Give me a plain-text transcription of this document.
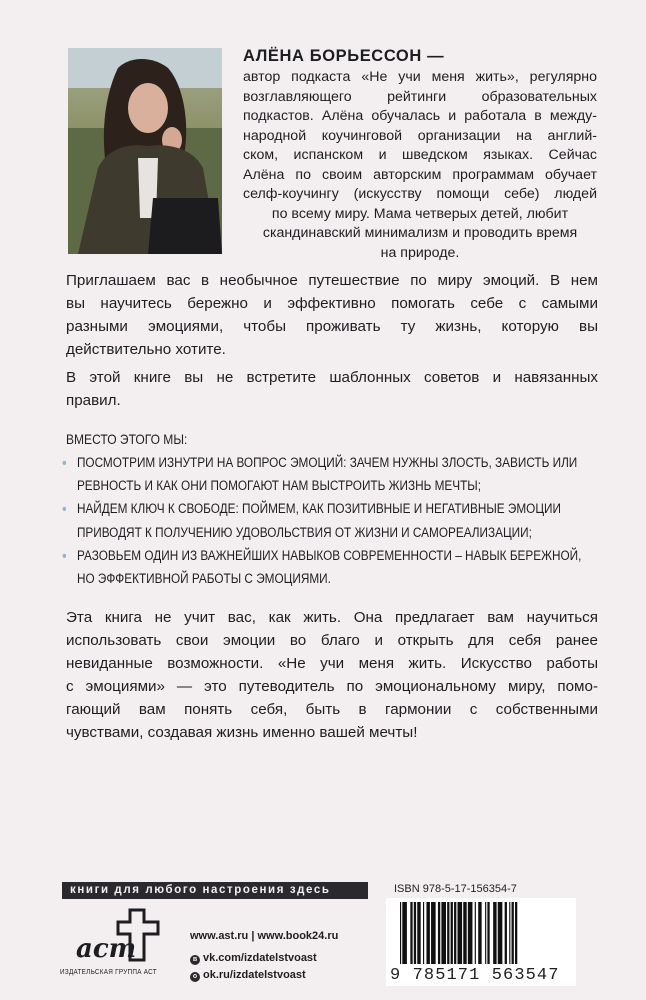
АЛЁНА БОРЬЕССОН —

автор подкаста «Не учи меня жить», регулярно

возглавляющего рейтинги образовательных

подкастов. Алёна обучалась и работала в между-

народной коучинговой организации на англий-

ском, испанском и шведском языках. Сейчас

Алёна по своим авторским программам обучает

селф-коучингу (искусству помощи себе) людей

по всему миру. Мама четверых детей, любит

скандинавский минимализм и проводить время

на природе.

Приглашаем вас в необычное путешествие по миру эмоций. В нем

вы научитесь бережно и эффективно помогать себе с самыми

разными эмоциями, чтобы проживать ту жизнь, которую вы

действительно хотите.

В этой книге вы не встретите шаблонных советов и навязанных

правил.

ВМЕСТО ЭТОГО МЫ:
• ПОСМОТРИМ ИЗНУТРИ НА ВОПРОС ЭМОЦИЙ: ЗАЧЕМ НУЖНЫ ЗЛОСТЬ, ЗАВИСТЬ ИЛИ
РЕВНОСТЬ И КАК ОНИ ПОМОГАЮТ НАМ ВЫСТРОИТЬ ЖИЗНЬ МЕЧТЫ;
• НАЙДЕМ КЛЮЧ К СВОБОДЕ: ПОЙМЕМ, КАК ПОЗИТИВНЫЕ И НЕГАТИВНЫЕ ЭМОЦИИ
ПРИВОДЯТ К ПОЛУЧЕНИЮ УДОВОЛЬСТВИЯ ОТ ЖИЗНИ И САМОРЕАЛИЗАЦИИ;
• РАЗОВЬЕМ ОДИН ИЗ ВАЖНЕЙШИХ НАВЫКОВ СОВРЕМЕННОСТИ – НАВЫК БЕРЕЖНОЙ,
НО ЭФФЕКТИВНОЙ РАБОТЫ С ЭМОЦИЯМИ.

Эта книга не учит вас, как жить. Она предлагает вам научиться

использовать свои эмоции во благо и открыть для себя ранее

невиданные возможности. «Не учи меня жить. Искусство работы

с эмоциями» — это путеводитель по эмоциональному миру, помо-

гающий вам понять себя, быть в гармонии с собственными

чувствами, создавая жизнь именно вашей мечты!

книги для любого настроения здесь
аст
ИЗДАТЕЛЬСКАЯ ГРУППА АСТ
www.ast.ru | www.book24.ru
в vk.com/izdatelstvoast
о ok.ru/izdatelstvoast
ISBN 978-5-17-156354-7
9 785171 563547
